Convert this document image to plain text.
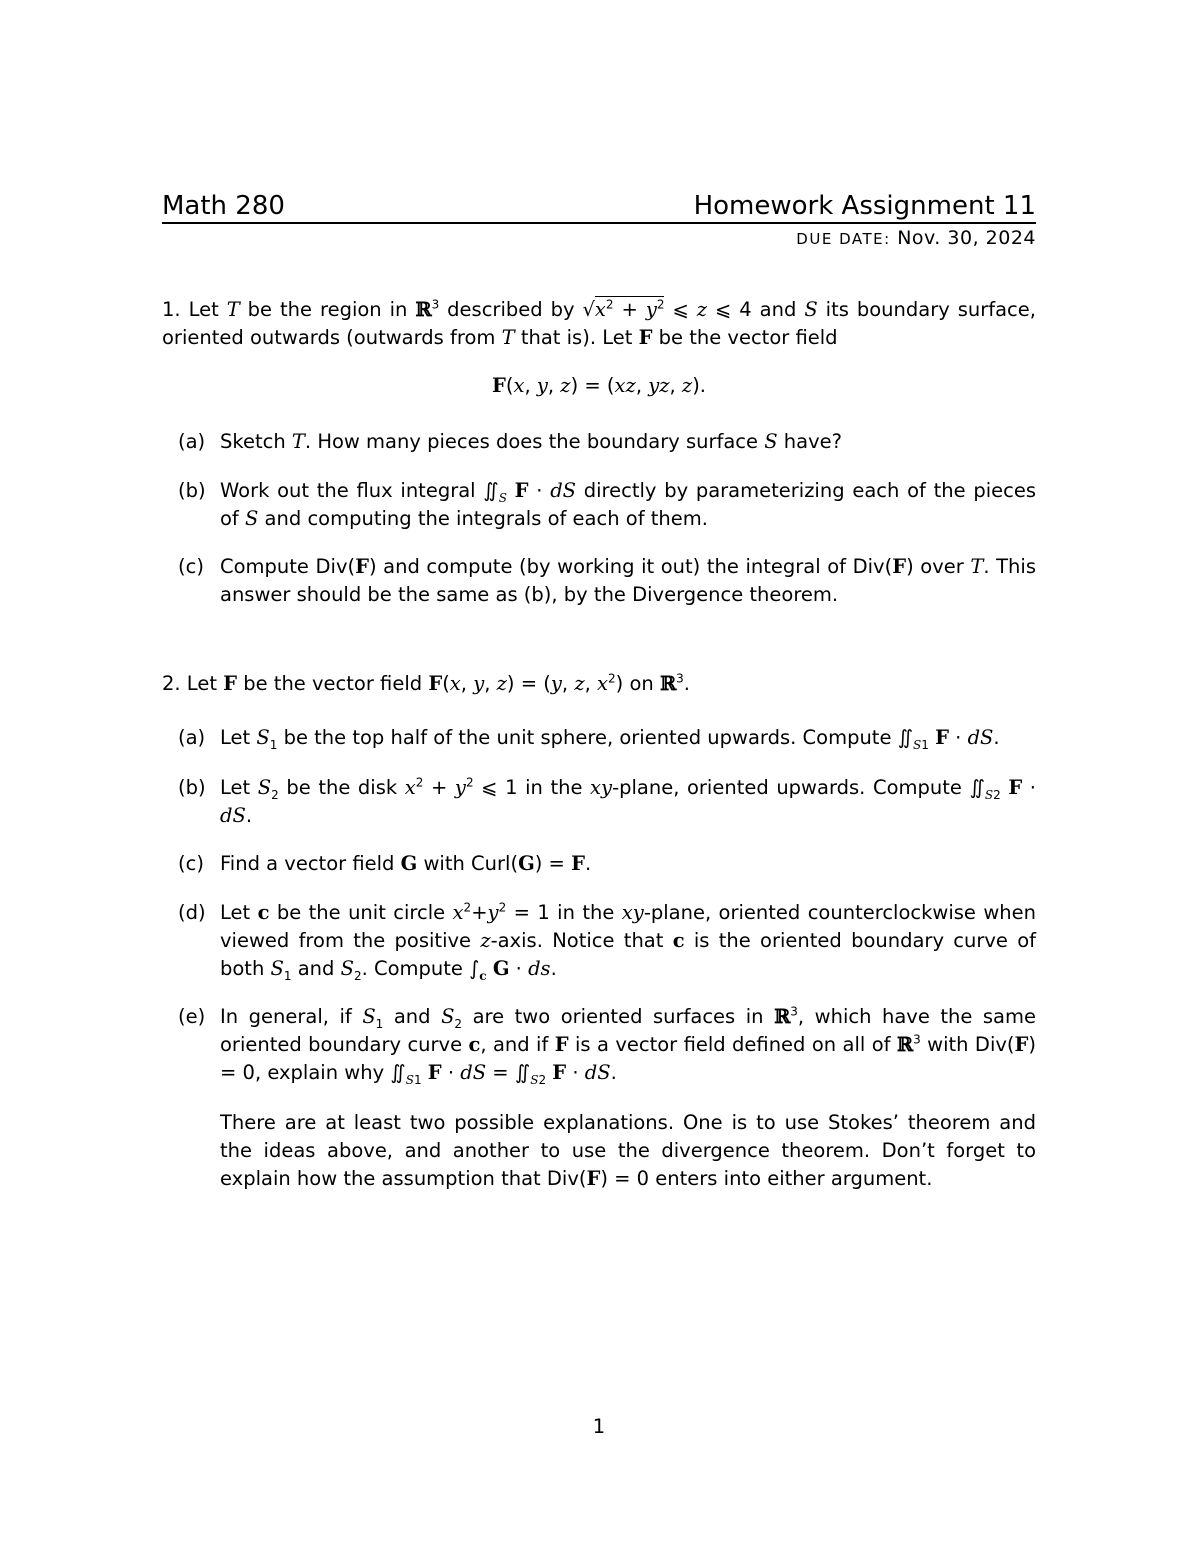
Math 280	Homework Assignment 11
DUE DATE: Nov. 30, 2024

1. Let T be the region in ℝ$^3$ described by $√x^2 + y^2$ ⩽ z ⩽ 4 and S its boundary surface, oriented outwards (outwards from T that is). Let F be the vector field

F(x, y, z) = (xz, yz, z).

(a) Sketch T. How many pieces does the boundary surface S have?

(b) Work out the flux integral $∬_S$ F · dS directly by parameterizing each of the pieces of S and computing the integrals of each of them.

(c) Compute Div(F) and compute (by working it out) the integral of Div(F) over T. This answer should be the same as (b), by the Divergence theorem.

2. Let F be the vector field F(x, y, z) = (y, z, $x^2$) on ℝ$^3$.

(a) Let $S_1$ be the top half of the unit sphere, oriented upwards. Compute $∬_{S1}$ F · dS.

(b) Let $S_2$ be the disk $x^2 + y^2$ ⩽ 1 in the xy-plane, oriented upwards. Compute $∬_{S2}$ F · dS.

(c) Find a vector field G with Curl(G) = F.

(d) Let c be the unit circle $x^2+y^2 = 1$ in the xy-plane, oriented counterclockwise when viewed from the positive z-axis. Notice that c is the oriented boundary curve of both $S_1$ and $S_2$. Compute $\int_c$ G · ds.

(e) In general, if $S_1$ and $S_2$ are two oriented surfaces in ℝ$^3$, which have the same oriented boundary curve c, and if F is a vector field defined on all of ℝ$^3$ with Div(F) = 0, explain why $∬_{S1}$ F · dS = $∬_{S2}$ F · dS.

There are at least two possible explanations. One is to use Stokes’ theorem and the ideas above, and another to use the divergence theorem. Don’t forget to explain how the assumption that Div(F) = 0 enters into either argument.

1
